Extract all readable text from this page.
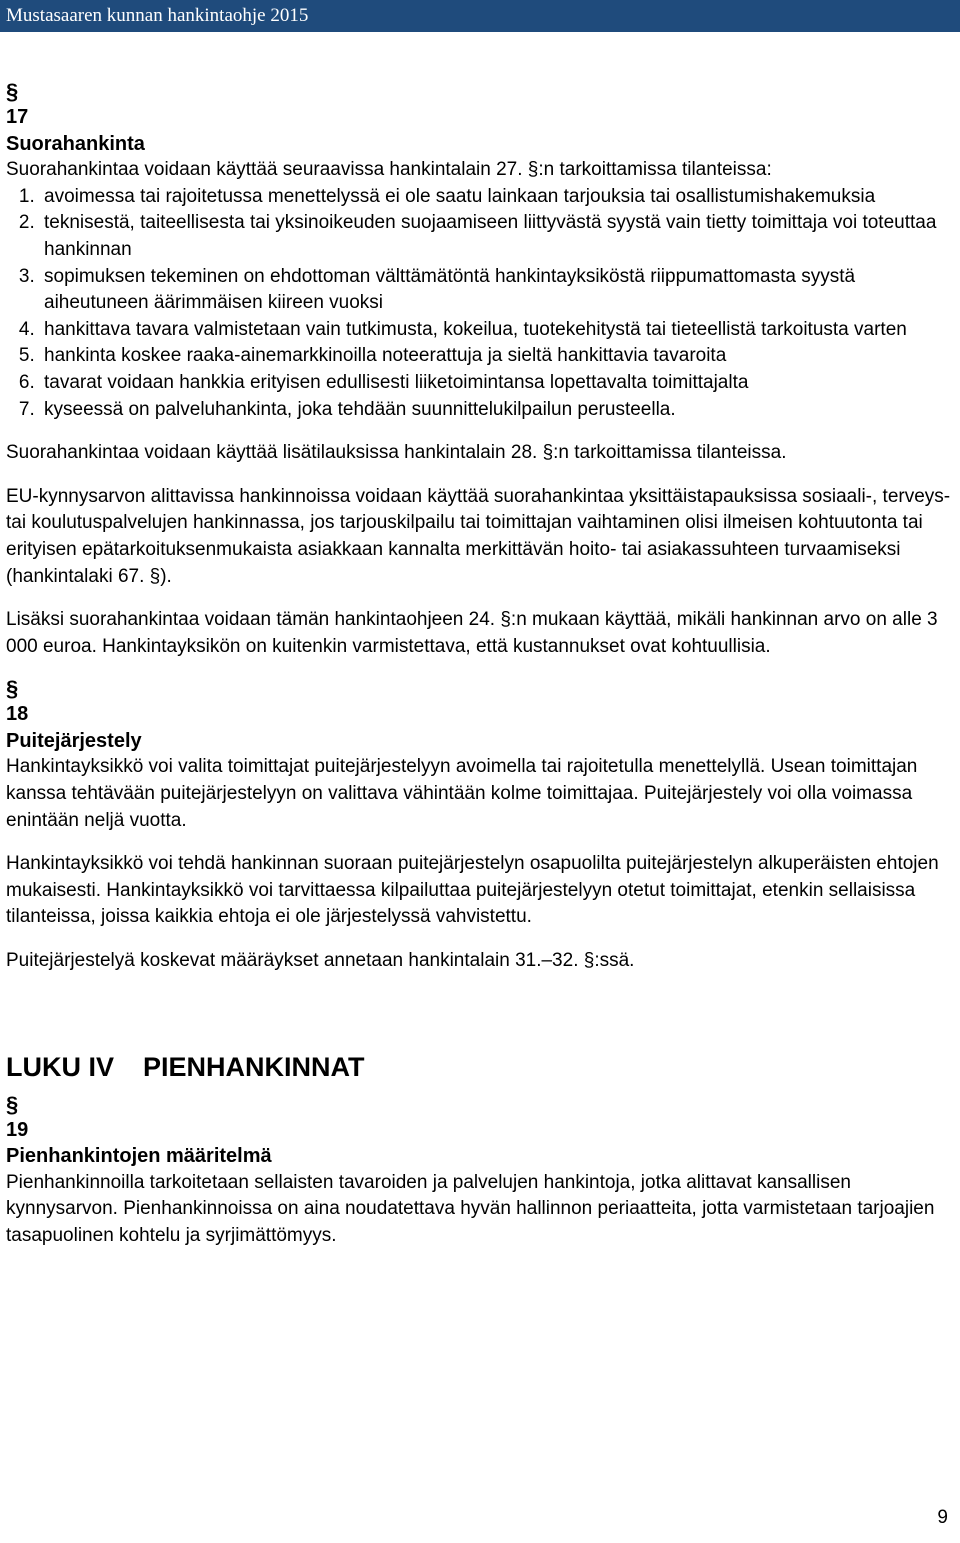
Mustasaaren kunnan hankintaohje 2015
§
17
Suorahankinta

Suorahankintaa voidaan käyttää seuraavissa hankintalain 27. §:n tarkoittamissa tilanteissa:

1. avoimessa tai rajoitetussa menettelyssä ei ole saatu lainkaan tarjouksia tai osallistumishakemuksia
2. teknisestä, taiteellisesta tai yksinoikeuden suojaamiseen liittyvästä syystä vain tietty toimittaja voi toteuttaa hankinnan
3. sopimuksen tekeminen on ehdottoman välttämätöntä hankintayksiköstä riippumattomasta syystä aiheutuneen äärimmäisen kiireen vuoksi
4. hankittava tavara valmistetaan vain tutkimusta, kokeilua, tuotekehitystä tai tieteellistä tarkoitusta varten
5. hankinta koskee raaka-ainemarkkinoilla noteerattuja ja sieltä hankittavia tavaroita
6. tavarat voidaan hankkia erityisen edullisesti liiketoimintansa lopettavalta toimittajalta
7. kyseessä on palveluhankinta, joka tehdään suunnittelukilpailun perusteella.

Suorahankintaa voidaan käyttää lisätilauksissa hankintalain 28. §:n tarkoittamissa tilanteissa.

EU-kynnysarvon alittavissa hankinnoissa voidaan käyttää suorahankintaa yksittäistapauksissa sosiaali-, terveys- tai koulutuspalvelujen hankinnassa, jos tarjouskilpailu tai toimittajan vaihtaminen olisi ilmeisen kohtuutonta tai erityisen epätarkoituksenmukaista asiakkaan kannalta merkittävän hoito- tai asiakassuhteen turvaamiseksi (hankintalaki 67. §).

Lisäksi suorahankintaa voidaan tämän hankintaohjeen 24. §:n mukaan käyttää, mikäli hankinnan arvo on alle 3 000 euroa. Hankintayksikön on kuitenkin varmistettava, että kustannukset ovat kohtuullisia.

§
18
Puitejärjestely

Hankintayksikkö voi valita toimittajat puitejärjestelyyn avoimella tai rajoitetulla menettelyllä. Usean toimittajan kanssa tehtävään puitejärjestelyyn on valittava vähintään kolme toimittajaa. Puitejärjestely voi olla voimassa enintään neljä vuotta.

Hankintayksikkö voi tehdä hankinnan suoraan puitejärjestelyn osapuolilta puitejärjestelyn alkuperäisten ehtojen mukaisesti. Hankintayksikkö voi tarvittaessa kilpailuttaa puitejärjestelyyn otetut toimittajat, etenkin sellaisissa tilanteissa, joissa kaikkia ehtoja ei ole järjestelyssä vahvistettu.

Puitejärjestelyä koskevat määräykset annetaan hankintalain 31.–32. §:ssä.

LUKU IV PIENHANKINNAT
§
19
Pienhankintojen määritelmä

Pienhankinnoilla tarkoitetaan sellaisten tavaroiden ja palvelujen hankintoja, jotka alittavat kansallisen kynnysarvon. Pienhankinnoissa on aina noudatettava hyvän hallinnon periaatteita, jotta varmistetaan tarjoajien tasapuolinen kohtelu ja syrjimättömyys.

9
